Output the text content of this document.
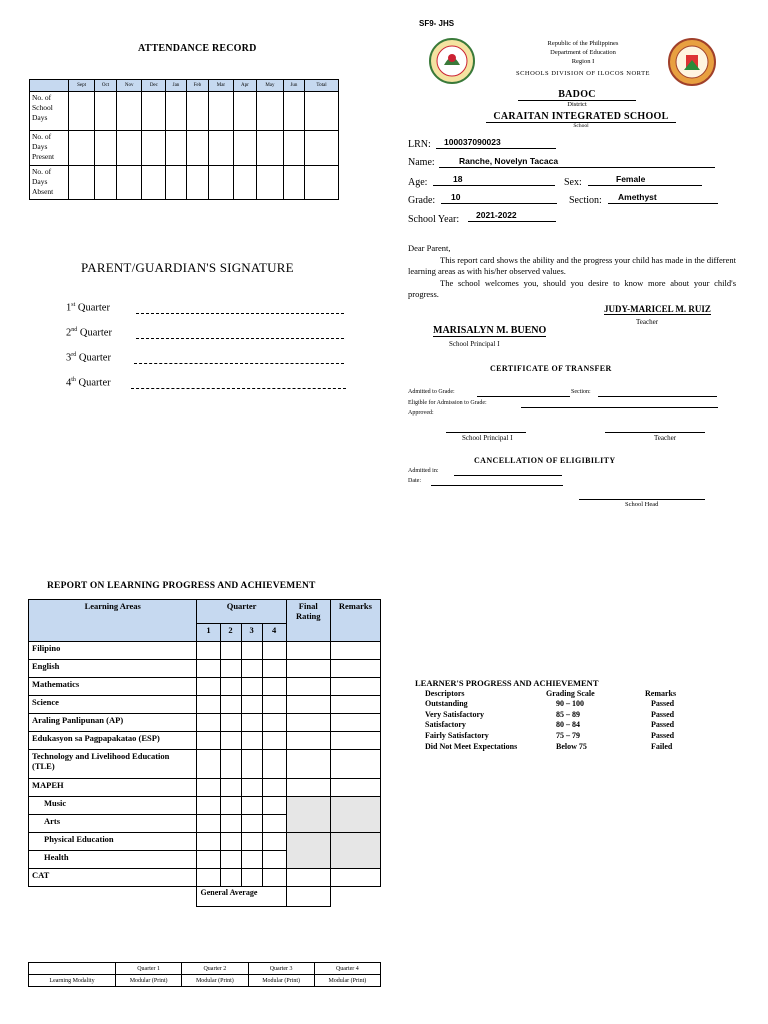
ATTENDANCE RECORD
	Sept	Oct	Nov	Dec	Jan	Feb	Mar	Apr	May	Jun	Total
No. of School Days											
No. of Days Present											
No. of Days Absent											
PARENT/GUARDIAN'S SIGNATURE
1st Quarter
2nd Quarter
3rd Quarter
4th Quarter
SF9- JHS
Republic of the Philippines
Department of Education
Region I
SCHOOLS DIVISION OF ILOCOS NORTE
BADOC
District
CARAITAN INTEGRATED SCHOOL
School
LRN:	100037090023
Name:	Ranche, Novelyn Tacaca
Age:	18	Sex:	Female
Grade:	10	Section:	Amethyst
School Year:	2021-2022

Dear Parent,

This report card shows the ability and the progress your child has made in the different learning areas as with his/her observed values.

The school welcomes you, should you desire to know more about your child's progress.

JUDY-MARICEL M. RUIZ
Teacher
MARISALYN M. BUENO
School Principal I
CERTIFICATE OF TRANSFER
Admitted to Grade:	Section:
Eligible for Admission to Grade:
Approved:
School Principal I	Teacher
CANCELLATION OF ELIGIBILITY
Admitted in:
Date:
School Head
REPORT ON LEARNING PROGRESS AND ACHIEVEMENT
Learning Areas	Quarter				Final Rating	Remarks
	1	2	3	4		
Filipino						
English						
Mathematics						
Science						
Araling Panlipunan (AP)						
Edukasyon sa Pagpapakatao (ESP)						
Technology and Livelihood Education (TLE)						
MAPEH						
Music						
Arts						
Physical Education						
Health						
CAT						
	General Average					
LEARNER'S PROGRESS AND ACHIEVEMENT
Descriptors	Grading Scale	Remarks
Outstanding	90 – 100	Passed
Very Satisfactory	85 – 89	Passed
Satisfactory	80 – 84	Passed
Fairly Satisfactory	75 – 79	Passed
Did Not Meet Expectations	Below 75	Failed
	Quarter 1	Quarter 2	Quarter 3	Quarter 4
Learning Modality	Modular (Print)	Modular (Print)	Modular (Print)	Modular (Print)
